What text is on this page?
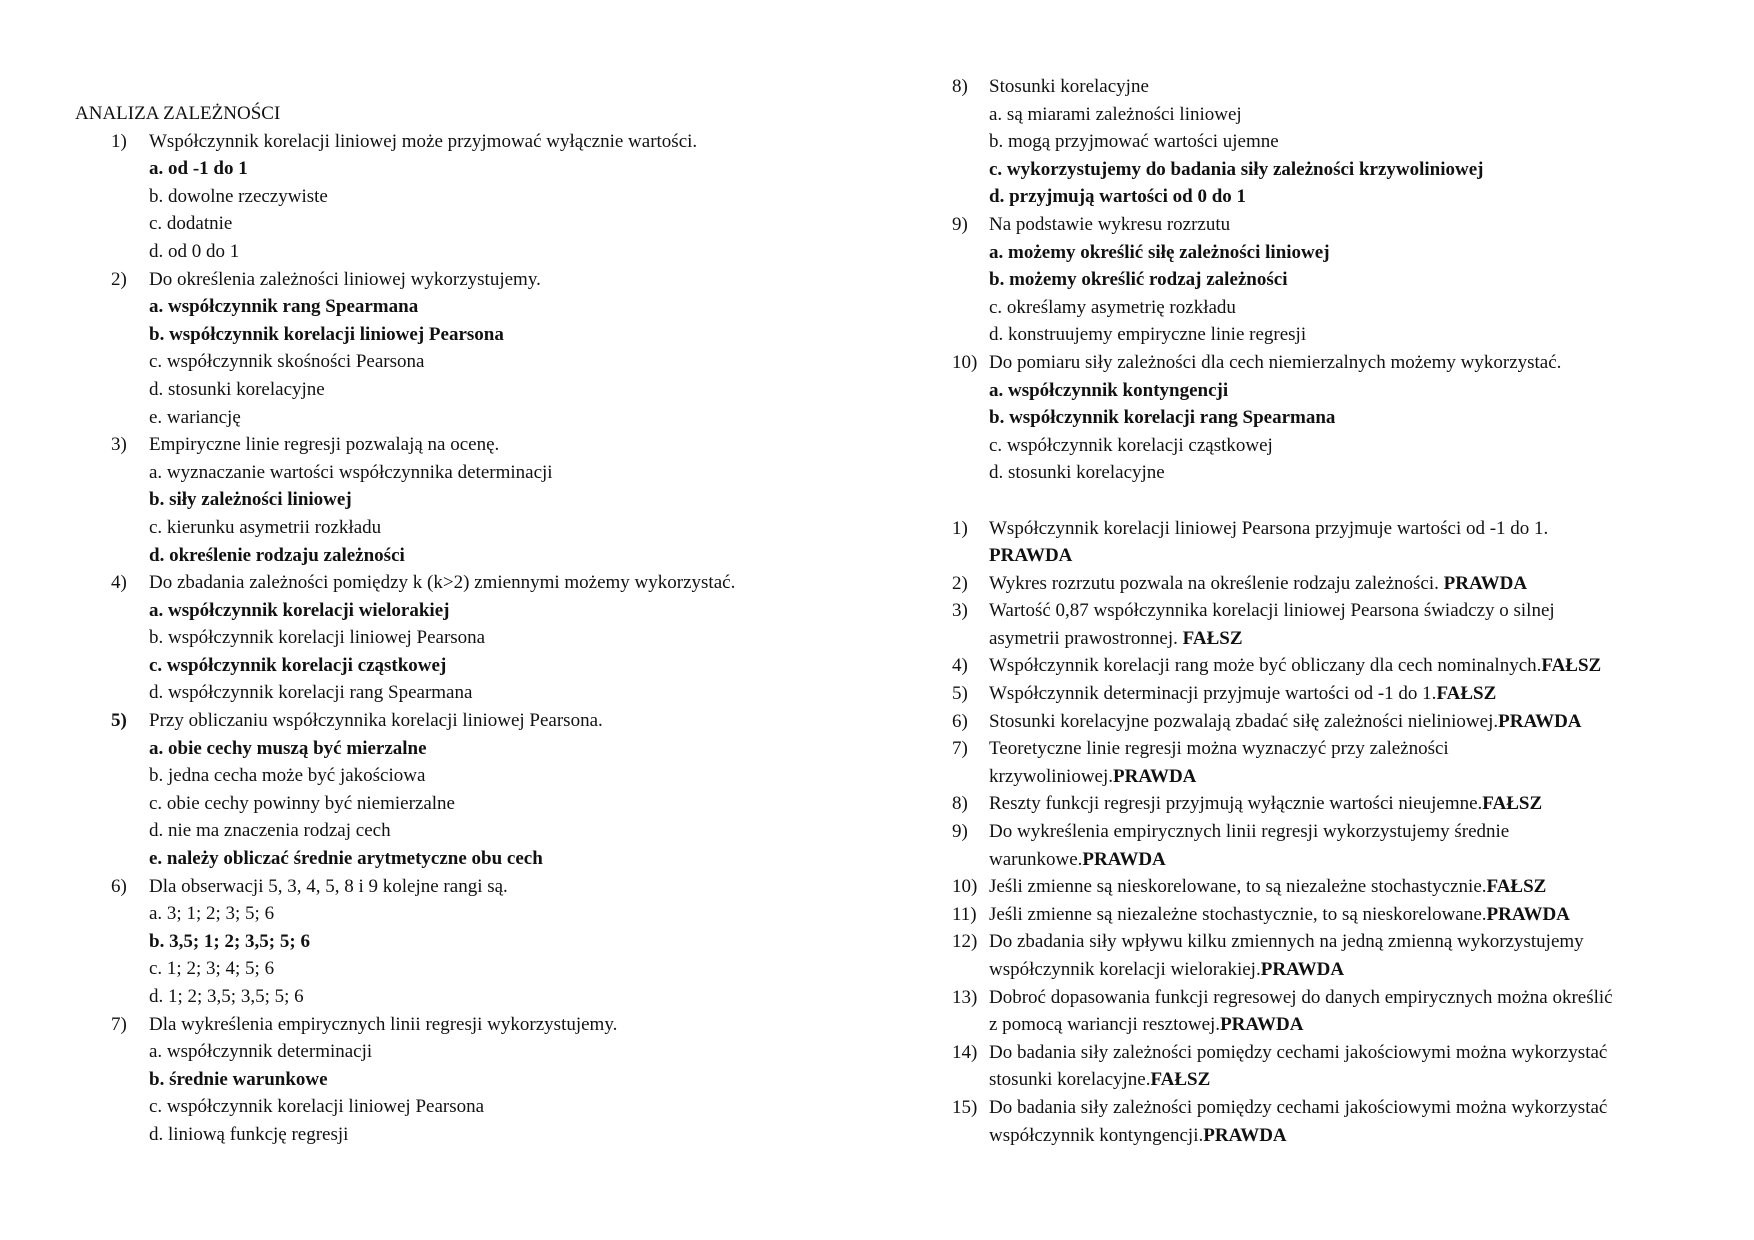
ANALIZA ZALEŻNOŚCI
1) Współczynnik korelacji liniowej może przyjmować wyłącznie wartości.
a. od -1 do 1
b. dowolne rzeczywiste
c. dodatnie
d. od 0 do 1
2) Do określenia zależności liniowej wykorzystujemy.
a. współczynnik rang Spearmana
b. współczynnik korelacji liniowej Pearsona
c. współczynnik skośności Pearsona
d. stosunki korelacyjne
e. wariancję
3) Empiryczne linie regresji pozwalają na ocenę.
a. wyznaczanie wartości współczynnika determinacji
b. siły zależności liniowej
c. kierunku asymetrii rozkładu
d. określenie rodzaju zależności
4) Do zbadania zależności pomiędzy k (k>2) zmiennymi możemy wykorzystać.
a. współczynnik korelacji wielorakiej
b. współczynnik korelacji liniowej Pearsona
c. współczynnik korelacji cząstkowej
d. współczynnik korelacji rang Spearmana
5) Przy obliczaniu współczynnika korelacji liniowej Pearsona.
a. obie cechy muszą być mierzalne
b. jedna cecha może być jakościowa
c. obie cechy powinny być niemierzalne
d. nie ma znaczenia rodzaj cech
e. należy obliczać średnie arytmetyczne obu cech
6) Dla obserwacji 5, 3, 4, 5, 8 i 9 kolejne rangi są.
a. 3; 1; 2; 3; 5; 6
b. 3,5; 1; 2; 3,5; 5; 6
c. 1; 2; 3; 4; 5; 6
d. 1; 2; 3,5; 3,5; 5; 6
7) Dla wykreślenia empirycznych linii regresji wykorzystujemy.
a. współczynnik determinacji
b. średnie warunkowe
c. współczynnik korelacji liniowej Pearsona
d. liniową funkcję regresji
8) Stosunki korelacyjne
a. są miarami zależności liniowej
b. mogą przyjmować wartości ujemne
c. wykorzystujemy do badania siły zależności krzywoliniowej
d. przyjmują wartości od 0 do 1
9) Na podstawie wykresu rozrzutu
a. możemy określić siłę zależności liniowej
b. możemy określić rodzaj zależności
c. określamy asymetrię rozkładu
d. konstruujemy empiryczne linie regresji
10) Do pomiaru siły zależności dla cech niemierzalnych możemy wykorzystać.
a. współczynnik kontyngencji
b. współczynnik korelacji rang Spearmana
c. współczynnik korelacji cząstkowej
d. stosunki korelacyjne
1) Współczynnik korelacji liniowej Pearsona przyjmuje wartości od -1 do 1.
PRAWDA
2) Wykres rozrzutu pozwala na określenie rodzaju zależności. PRAWDA
3) Wartość 0,87 współczynnika korelacji liniowej Pearsona świadczy o silnej
asymetrii prawostronnej. FAŁSZ
4) Współczynnik korelacji rang może być obliczany dla cech nominalnych.FAŁSZ
5) Współczynnik determinacji przyjmuje wartości od -1 do 1.FAŁSZ
6) Stosunki korelacyjne pozwalają zbadać siłę zależności nieliniowej.PRAWDA
7) Teoretyczne linie regresji można wyznaczyć przy zależności
krzywoliniowej.PRAWDA
8) Reszty funkcji regresji przyjmują wyłącznie wartości nieujemne.FAŁSZ
9) Do wykreślenia empirycznych linii regresji wykorzystujemy średnie
warunkowe.PRAWDA
10) Jeśli zmienne są nieskorelowane, to są niezależne stochastycznie.FAŁSZ
11) Jeśli zmienne są niezależne stochastycznie, to są nieskorelowane.PRAWDA
12) Do zbadania siły wpływu kilku zmiennych na jedną zmienną wykorzystujemy
współczynnik korelacji wielorakiej.PRAWDA
13) Dobroć dopasowania funkcji regresowej do danych empirycznych można określić
z pomocą wariancji resztowej.PRAWDA
14) Do badania siły zależności pomiędzy cechami jakościowymi można wykorzystać
stosunki korelacyjne.FAŁSZ
15) Do badania siły zależności pomiędzy cechami jakościowymi można wykorzystać
współczynnik kontyngencji.PRAWDA
